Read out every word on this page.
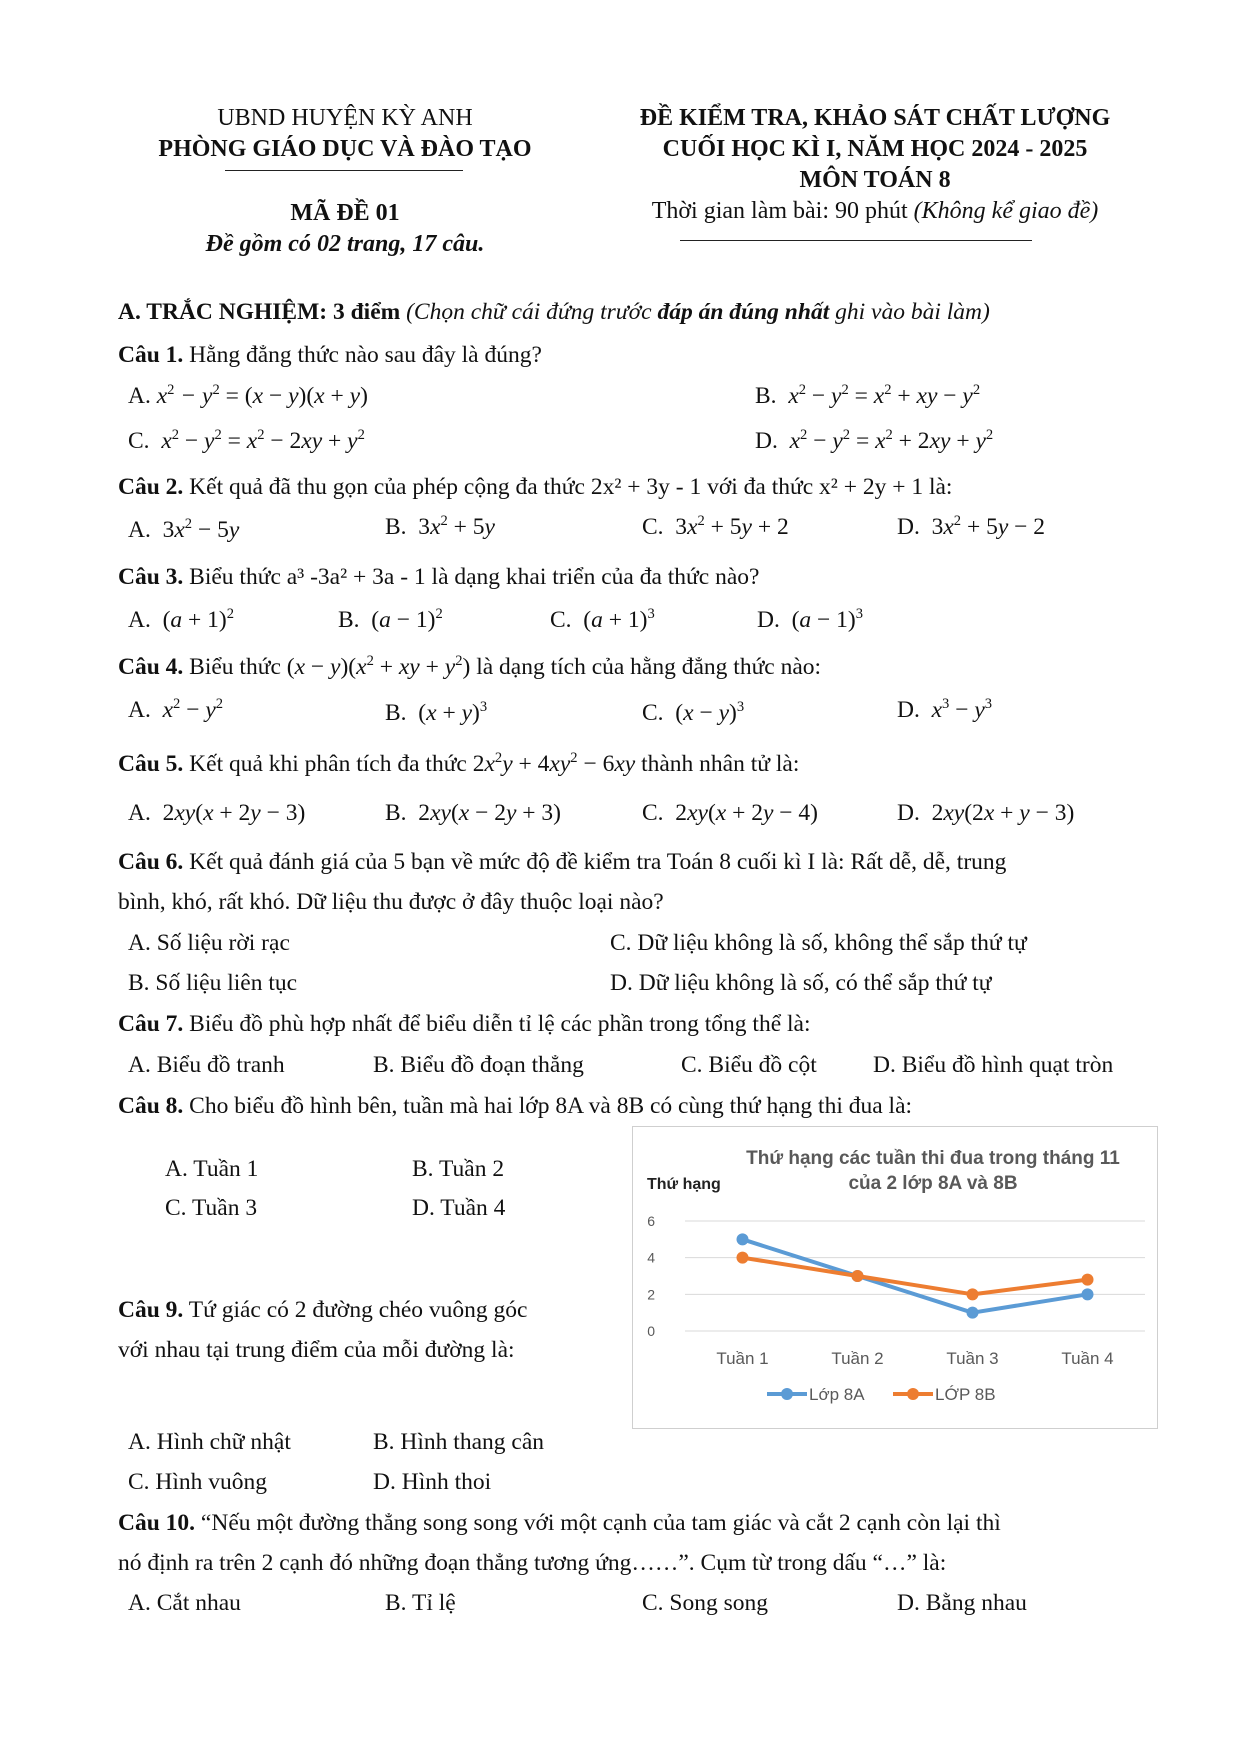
UBND HUYỆN KỲ ANH
PHÒNG GIÁO DỤC VÀ ĐÀO TẠO
MÃ ĐỀ 01
Đề gồm có 02 trang, 17 câu.
ĐỀ KIỂM TRA, KHẢO SÁT CHẤT LƯỢNG
CUỐI HỌC KÌ I, NĂM HỌC 2024 - 2025
MÔN TOÁN 8
Thời gian làm bài: 90 phút (Không kể giao đề)
A. TRẮC NGHIỆM: 3 điểm (Chọn chữ cái đứng trước đáp án đúng nhất ghi vào bài làm)
Câu 1. Hằng đẳng thức nào sau đây là đúng?
A. $x^2 - y^2 = (x - y)(x + y)$	B.  $x^2 - y^2 = x^2$ + xy − $y^2$
C.  $x^2 - y^2 = x^2 - 2xy + y^2$	D.  $x^2 - y^2 = x^2 + 2xy + y^2$
Câu 2. Kết quả đã thu gọn của phép cộng đa thức 2x² + 3y - 1 với đa thức x² + 2y + 1 là:
A.  $3x^2 - 5y$	B.  $3x^2 + 5y$	C.  $3x^2 + 5y + 2$	D.  $3x^2 + 5y - 2$
Câu 3. Biểu thức a³ -3a² + 3a - 1 là dạng khai triển của đa thức nào?
A.  $(a + 1)^2$	B.  $(a - 1)^2$	C.  $(a + 1)^3$	D.  $(a - 1)^3$
Câu 4. Biểu thức $(x - y)(x^2$ + xy + $y^2$) là dạng tích của hằng đẳng thức nào:
A.  $x^2 - y^2$	B.  $(x + y)^3$	C.  $(x - y)^3$	D.  $x^3 - y^3$
Câu 5. Kết quả khi phân tích đa thức $2x^2y + 4xy^2 - 6xy$ thành nhân tử là:
A.  2xy(x + 2y − 3)	B.  2xy(x − 2y + 3)	C.  2xy(x + 2y − 4)	D.  2xy(2x + y − 3)
Câu 6. Kết quả đánh giá của 5 bạn về mức độ đề kiểm tra Toán 8 cuối kì I là: Rất dễ, dễ, trung
bình, khó, rất khó. Dữ liệu thu được ở đây thuộc loại nào?
A. Số liệu rời rạc	C. Dữ liệu không là số, không thể sắp thứ tự
B. Số liệu liên tục	D. Dữ liệu không là số, có thể sắp thứ tự
Câu 7. Biểu đồ phù hợp nhất để biểu diễn tỉ lệ các phần trong tổng thể là:
A. Biểu đồ tranh	B. Biểu đồ đoạn thẳng	C. Biểu đồ cột D. Biểu đồ hình quạt tròn
Câu 8. Cho biểu đồ hình bên, tuần mà hai lớp 8A và 8B có cùng thứ hạng thi đua là:
A. Tuần 1	B. Tuần 2
C. Tuần 3	D. Tuần 4
Thứ hạng các tuần thi đua trong tháng 11
của 2 lớp 8A và 8B
Thứ hạng
0
2
4
6
Tuần 1	Tuần 2	Tuần 3	Tuần 4
Lớp 8A	LỚP 8B
Câu 9. Tứ giác có 2 đường chéo vuông góc
với nhau tại trung điểm của mỗi đường là:
A. Hình chữ nhật	B. Hình thang cân
C. Hình vuông	D. Hình thoi
Câu 10. “Nếu một đường thẳng song song với một cạnh của tam giác và cắt 2 cạnh còn lại thì
nó định ra trên 2 cạnh đó những đoạn thẳng tương ứng……”. Cụm từ trong dấu “…” là:
A. Cắt nhau	B. Tỉ lệ	C. Song song	D. Bằng nhau
